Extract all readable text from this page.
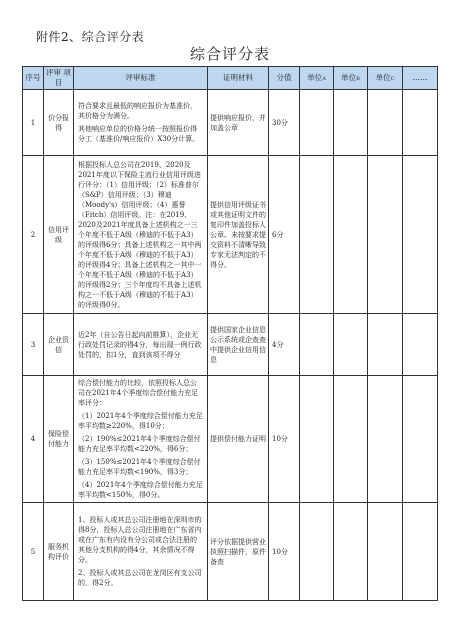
附件2、综合评分表
综合评分表
序号	评审 项目	评审标准	证明材料	分值	单位A	单位B	单位C	……
1	价分报得	符合要求且最低的响应报价为基准价，其价格分为满分。
其他响应单位的价格分统一按照报价得分工（基准价/响应报价）X30分计算。	提供响应报价，并加盖公章	30分				
2	信用评级	根据投标人总公司在2019、2020及2021年度以下保险主流行业信用评级进行评分：（1）信用评级；（2）标准普尔（S&P）信用评级；（3）穆迪（Moody's）信用评级；（4）惠誉（Fitch）信用评级。注：在2019、2020及2021年度具备上述机构之一三个年度不低于A级（穆迪的不低于A3）的评级得6分；具备上述机构之一其中两个年度不低于A级（穆迪的不低于A3）的评级得4分；具备上述机构之一其中一个年度不低于A级（穆迪的不低于A3）的评级得2分；三个年度均不具备上述机构之一不低于A级（穆迪的不低于A3）的评级得0分。	提供信用评级证书或其他证明文件的复印件加盖投标人公章。未按要求提交资料不清晰导致专家无法判定的不得分。	6分				
3	企业资信	近2年（自公告日起向前推算），企业无行政处罚记录的得4分，每出现一例行政处罚的，扣1分，直到该项不得分	提供国家企业信息公示系统或企查查中提供企业信用信息	4分				
4	保险偿付能力	综合偿付能力的比较，依照投标人总公司在2021年4个季度综合偿付能力充足率评分：
（1）2021年4个季度综合偿付能力充足率平均数≥220%，得10分；
（2）190%≤2021年4个季度综合偿付能力充足率平均数<220%，得6分；
（3）150%≤2021年4个季度综合偿付能力充足率平均数<190%，得3分；
（4）2021年4个季度综合偿付能力充足率平均数<150%，得0分。	提供偿付能力证明	10分				
5	服务机构评价	1、投标人或其总公司注册地在深圳市的得8分，投标人总公司注册地在广东省内或在广东有内设有分公司或合法注册的其他分支机构的得4分，其余情况不得分。
2、投标人或其总公司在龙岗区有支公司的，得2分。	评分依据提供营业执照扫描件，原件备查	10分				
